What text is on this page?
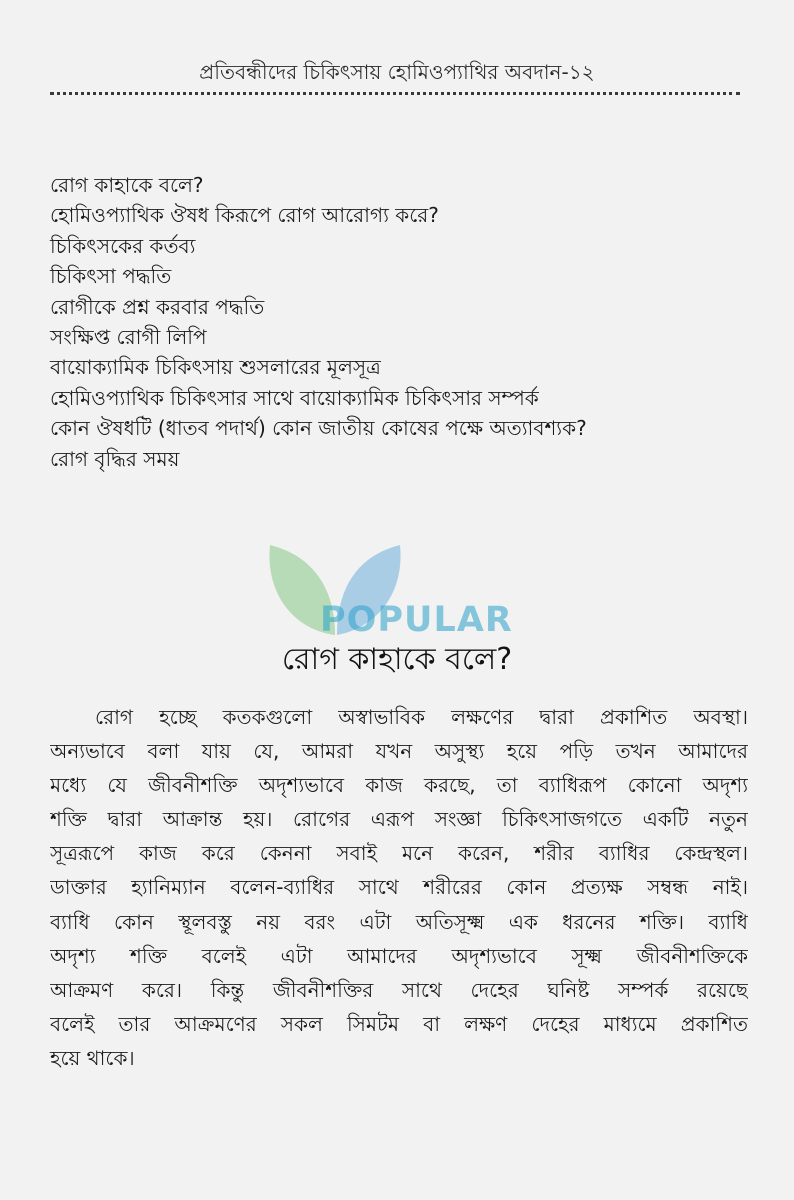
প্রতিবন্ধীদের চিকিৎসায় হোমিওপ্যাথির অবদান-১২
রোগ কাহাকে বলে?
হোমিওপ্যাথিক ঔষধ কিরূপে রোগ আরোগ্য করে?
চিকিৎসকের কর্তব্য
চিকিৎসা পদ্ধতি
রোগীকে প্রশ্ন করবার পদ্ধতি
সংক্ষিপ্ত রোগী লিপি
বায়োক্যামিক চিকিৎসায় শুসলারের মূলসূত্র
হোমিওপ্যাথিক চিকিৎসার সাথে বায়োক্যামিক চিকিৎসার সম্পর্ক
কোন ঔষধটি (ধাতব পদার্থ) কোন জাতীয় কোষের পক্ষে অত্যাবশ্যক?
রোগ বৃদ্ধির সময়
POPULAR
রোগ কাহাকে বলে?

রোগ হচ্ছে কতকগুলো অস্বাভাবিক লক্ষণের দ্বারা প্রকাশিত অবস্থা।
অন্যভাবে বলা যায় যে, আমরা যখন অসুস্থ্য হয়ে পড়ি তখন আমাদের
মধ্যে যে জীবনীশক্তি অদৃশ্যভাবে কাজ করছে, তা ব্যাধিরূপ কোনো অদৃশ্য
শক্তি দ্বারা আক্রান্ত হয়। রোগের এরূপ সংজ্ঞা চিকিৎসাজগতে একটি নতুন
সূত্ররূপে কাজ করে কেননা সবাই মনে করেন, শরীর ব্যাধির কেন্দ্রস্থল।
ডাক্তার হ্যানিম্যান বলেন-ব্যাধির সাথে শরীরের কোন প্রত্যক্ষ সম্বন্ধ নাই।
ব্যাধি কোন স্থূলবস্তু নয় বরং এটা অতিসূক্ষ্ম এক ধরনের শক্তি। ব্যাধি
অদৃশ্য শক্তি বলেই এটা আমাদের অদৃশ্যভাবে সূক্ষ্ম জীবনীশক্তিকে
আক্রমণ করে। কিন্তু জীবনীশক্তির সাথে দেহের ঘনিষ্ট সম্পর্ক রয়েছে
বলেই তার আক্রমণের সকল সিমটম বা লক্ষণ দেহের মাধ্যমে প্রকাশিত
হয়ে থাকে।
